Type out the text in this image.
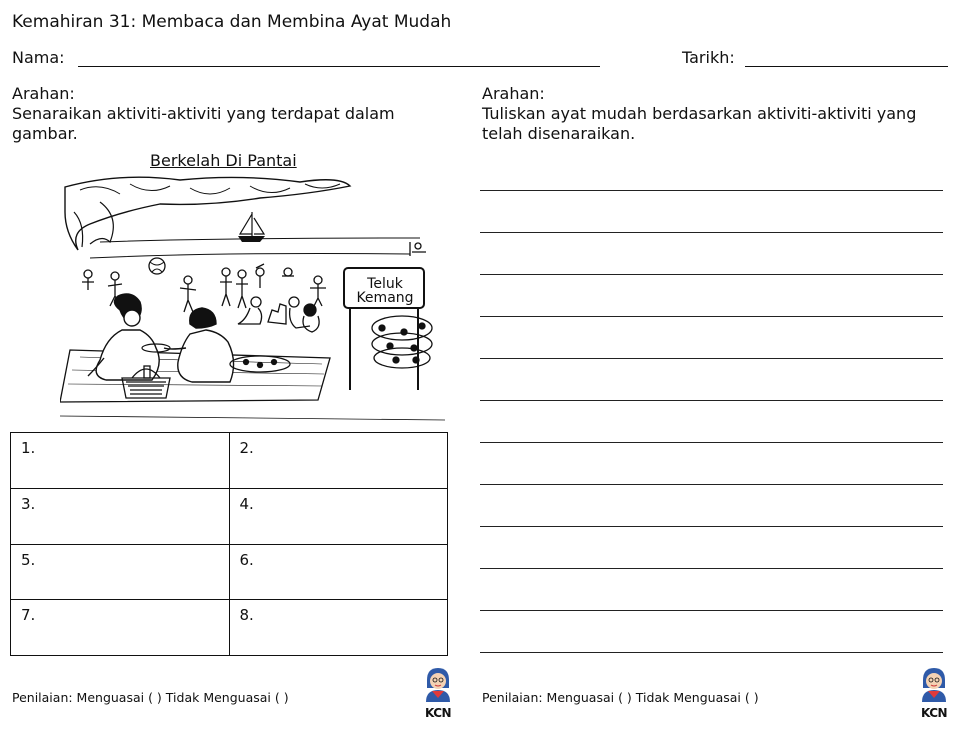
Kemahiran 31: Membaca dan Membina Ayat Mudah
Nama:	Tarikh:
Arahan:
Senaraikan aktiviti-aktiviti yang terdapat dalam
gambar.
Arahan:
Tuliskan ayat mudah berdasarkan aktiviti-aktiviti yang
telah disenaraikan.
Berkelah Di Pantai
Teluk
Kemang
1.	2.
3.	4.
5.	6.
7.	8.
Penilaian: Menguasai ( ) Tidak Menguasai ( )	Penilaian: Menguasai ( ) Tidak Menguasai ( )
KCN	KCN
